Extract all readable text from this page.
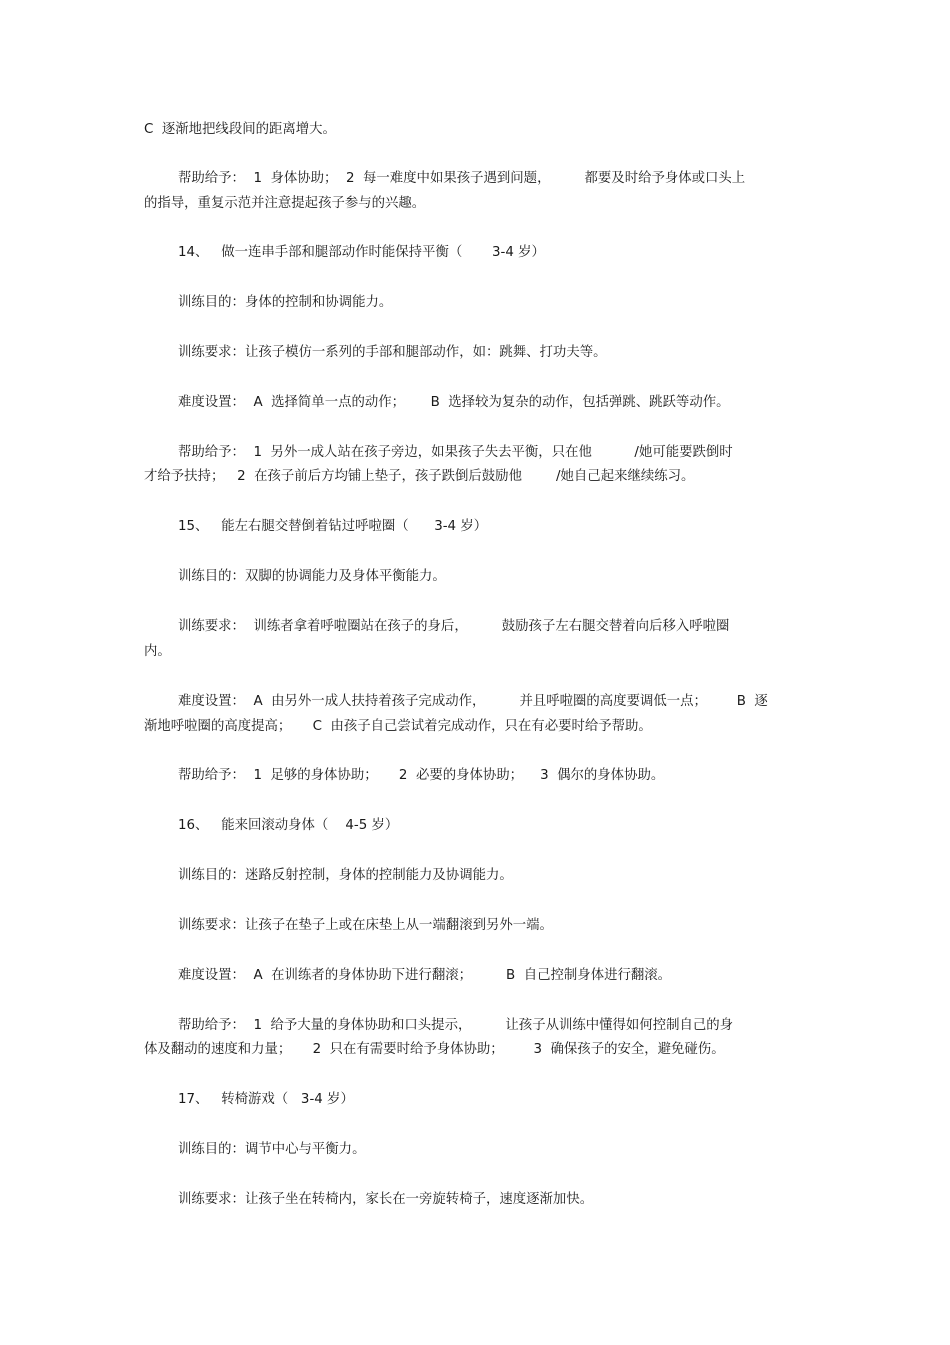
C  逐渐地把线段间的距离增大。
帮助给予：  1  身体协助；  2  每一难度中如果孩子遇到问题，        都要及时给予身体或口头上
的指导，重复示范并注意提起孩子参与的兴趣。
14、   做一连串手部和腿部动作时能保持平衡（       3-4 岁）
训练目的：身体的控制和协调能力。
训练要求：让孩子模仿一系列的手部和腿部动作，如：跳舞、打功夫等。
难度设置：  A  选择简单一点的动作；      B  选择较为复杂的动作，包括弹跳、跳跃等动作。
帮助给予：  1  另外一成人站在孩子旁边，如果孩子失去平衡，只在他          /她可能要跌倒时
才给予扶持；   2  在孩子前后方均铺上垫子，孩子跌倒后鼓励他        /她自己起来继续练习。
15、   能左右腿交替倒着钻过呼啦圈（      3-4 岁）
训练目的：双脚的协调能力及身体平衡能力。
训练要求：  训练者拿着呼啦圈站在孩子的身后，        鼓励孩子左右腿交替着向后移入呼啦圈
内。
难度设置：  A  由另外一成人扶持着孩子完成动作，        并且呼啦圈的高度要调低一点；       B  逐
渐地呼啦圈的高度提高；     C  由孩子自己尝试着完成动作，只在有必要时给予帮助。
帮助给予：  1  足够的身体协助；     2  必要的身体协助；    3  偶尔的身体协助。
16、   能来回滚动身体（    4-5 岁）
训练目的：迷路反射控制，身体的控制能力及协调能力。
训练要求：让孩子在垫子上或在床垫上从一端翻滚到另外一端。
难度设置：  A  在训练者的身体协助下进行翻滚；        B  自己控制身体进行翻滚。
帮助给予：  1  给予大量的身体协助和口头提示，        让孩子从训练中懂得如何控制自己的身
体及翻动的速度和力量；     2  只在有需要时给予身体协助；       3  确保孩子的安全，避免碰伤。
17、   转椅游戏（   3-4 岁）
训练目的：调节中心与平衡力。
训练要求：让孩子坐在转椅内，家长在一旁旋转椅子，速度逐渐加快。
